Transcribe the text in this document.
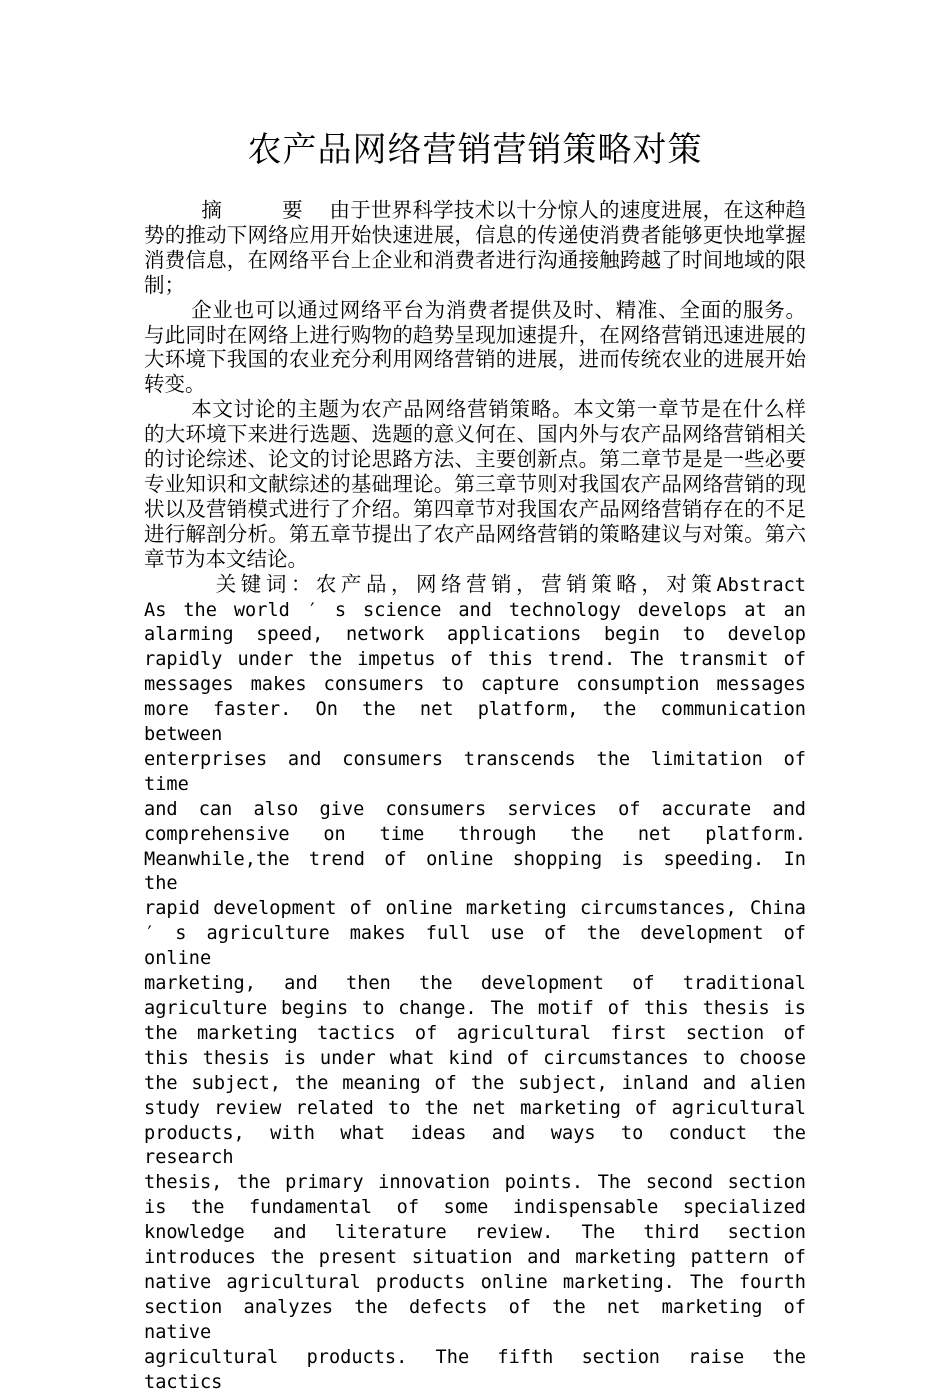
农产品网络营销营销策略对策

摘 要由于世界科学技术以十分惊人的速度进展，在这种趋势的推动下网络应用开始快速进展，信息的传递使消费者能够更快地掌握消费信息，在网络平台上企业和消费者进行沟通接触跨越了时间地域的限制；

企业也可以通过网络平台为消费者提供及时、精准、全面的服务。与此同时在网络上进行购物的趋势呈现加速提升，在网络营销迅速进展的大环境下我国的农业充分利用网络营销的进展，进而传统农业的进展开始转变。

本文讨论的主题为农产品网络营销策略。本文第一章节是在什么样的大环境下来进行选题、选题的意义何在、国内外与农产品网络营销相关的讨论综述、论文的讨论思路方法、主要创新点。第二章节是是一些必要专业知识和文献综述的基础理论。第三章节则对我国农产品网络营销的现状以及营销模式进行了介绍。第四章节对我国农产品网络营销存在的不足进行解剖分析。第五章节提出了农产品网络营销的策略建议与对策。第六章节为本文结论。

关键词：农产品，网络营销，营销策略，对策Abstract

As the world ′ s science and technology develops at an

alarming speed, network applications begin to develop

rapidly under the impetus of this trend. The transmit of

messages makes consumers to capture consumption messages

more faster. On the net platform, the communication between

enterprises and consumers transcends the limitation of time

and can also give consumers services of accurate and

comprehensive on time through the net platform.

Meanwhile,the trend of online shopping is speeding. In the

rapid development of online marketing circumstances, China

′ s agriculture makes full use of the development of online

marketing, and then the development of traditional

agriculture begins to change. The motif of this thesis is

the marketing tactics of agricultural first section of

this thesis is under what kind of circumstances to choose

the subject, the meaning of the subject, inland and alien

study review related to the net marketing of agricultural

products, with what ideas and ways to conduct the research

thesis, the primary innovation points. The second section

is the fundamental of some indispensable specialized

knowledge and literature review. The third section

introduces the present situation and marketing pattern of

native agricultural products online marketing. The fourth

section analyzes the defects of the net marketing of native

agricultural products. The fifth section raise the tactics
